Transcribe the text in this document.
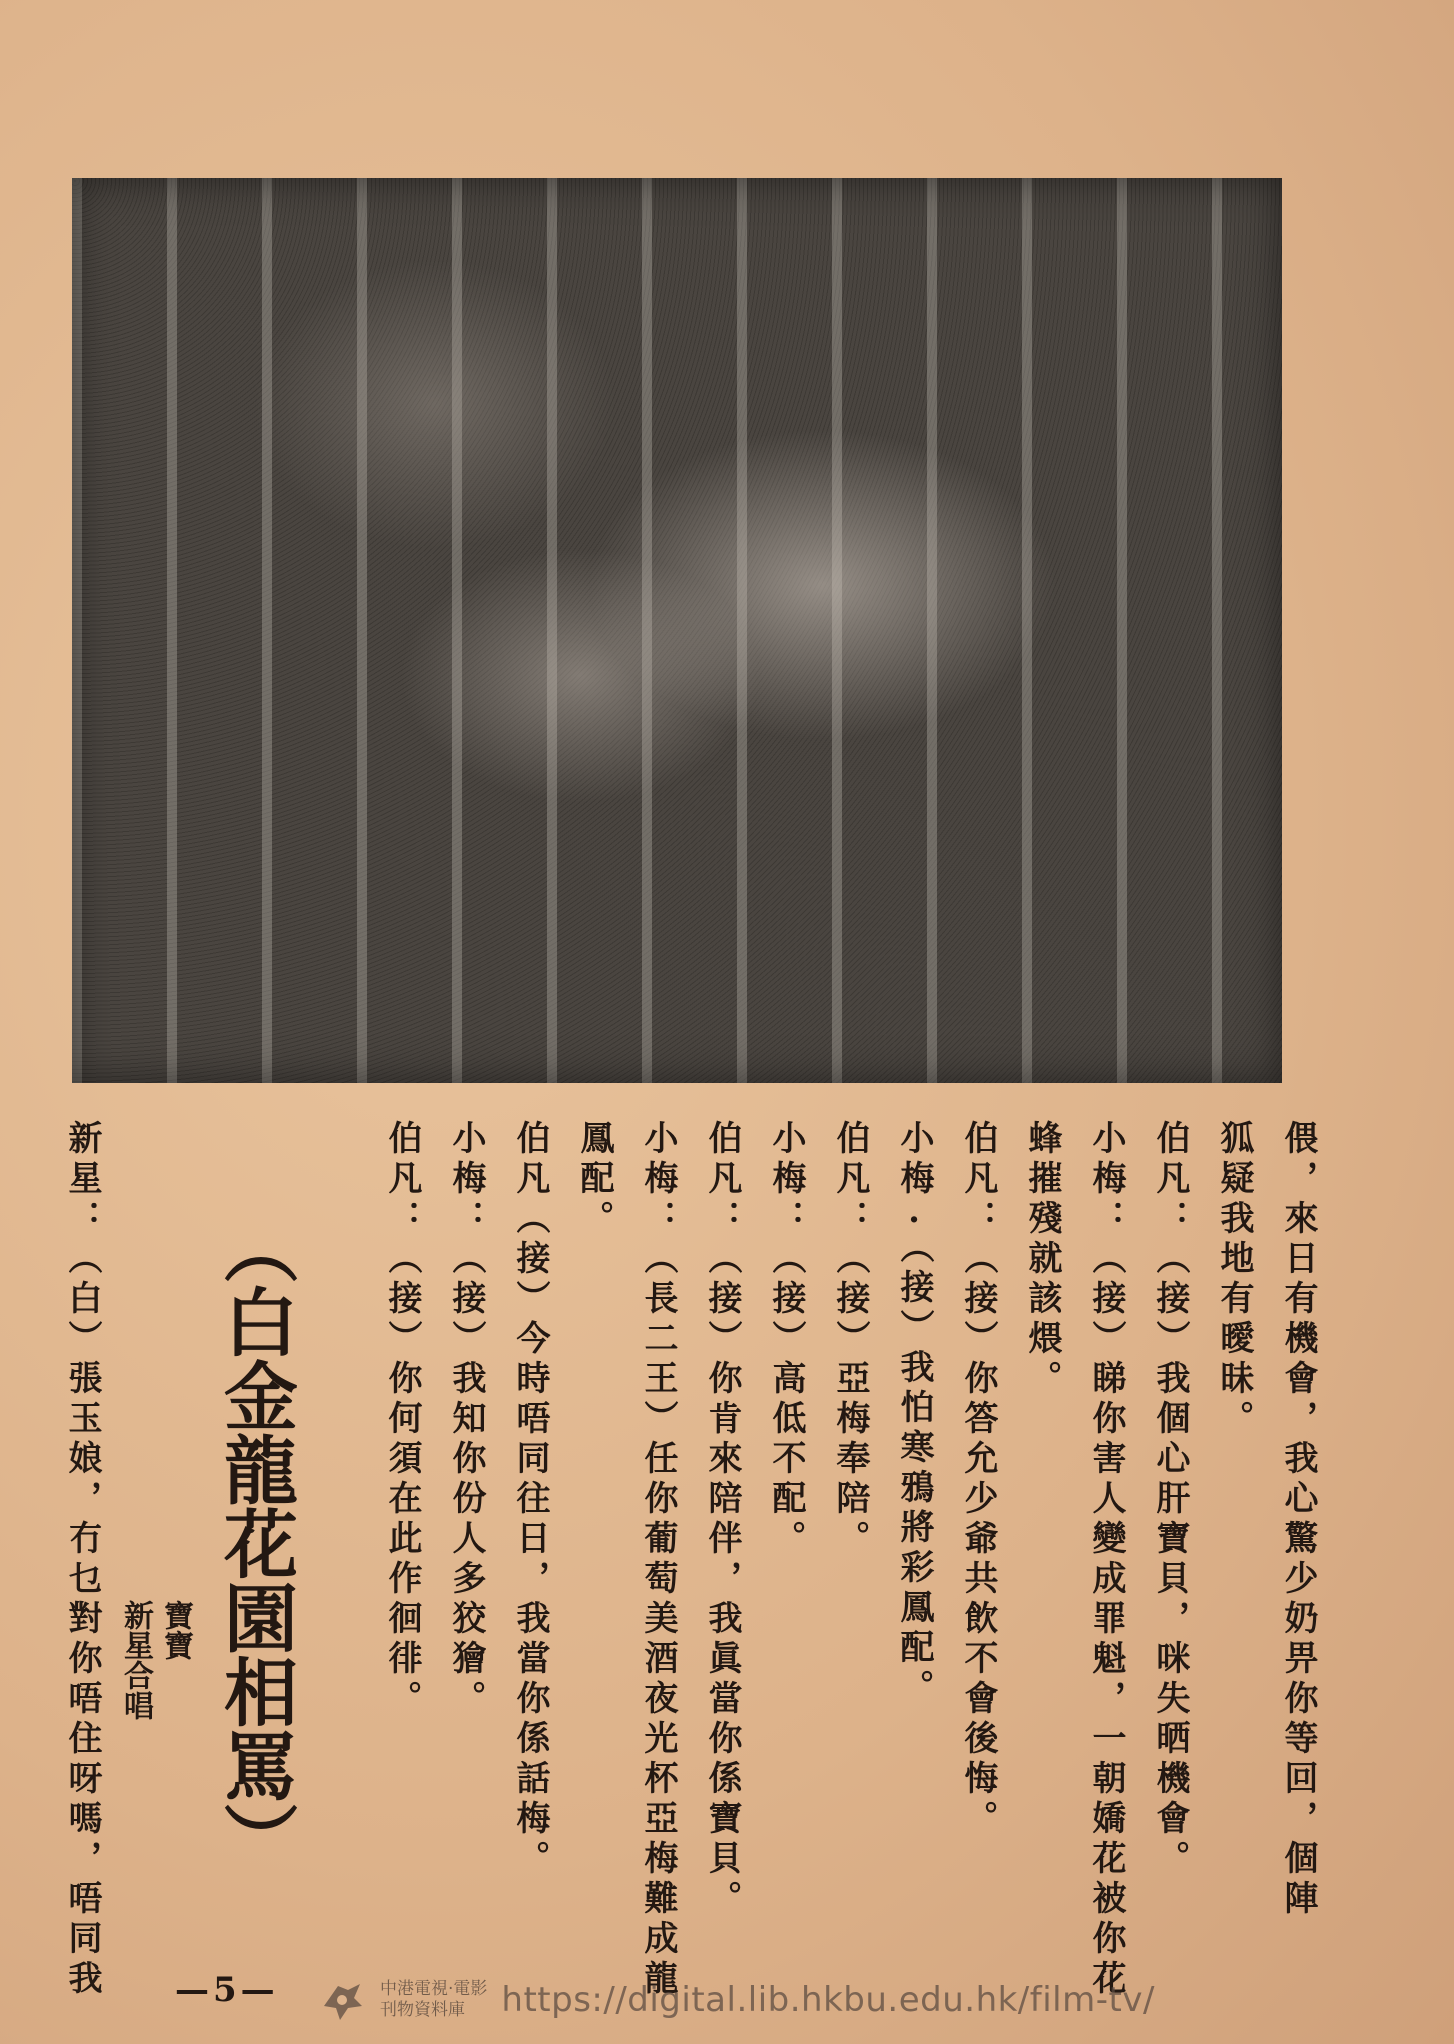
偎，來日有機會，我心驚少奶畀你等回，個陣
狐疑我地有曖昧。
伯凡：（接）我個心肝寶貝，咪失晒機會。
小梅：（接）睇你害人變成罪魁，一朝嬌花被你花
蜂摧殘就該煨。
伯凡：（接）你答允少爺共飲不會後悔。
小梅·（接）我怕寒鴉將彩鳳配。
伯凡：（接）亞梅奉陪。
小梅：（接）高低不配。
伯凡：（接）你肯來陪伴，我眞當你係寶貝。
小梅：（長二王）任你葡萄美酒夜光杯亞梅難成龍
鳳配。
伯凡（接）今時唔同往日，我當你係話梅。
小梅：（接）我知你份人多狡獪。
伯凡：（接）你何須在此作徊徘。
（白金龍花園相罵）
寶寶
新星合唱
新星：（白）張玉娘，冇乜對你唔住呀嗎，唔同我	—5—	中港電視·電影
刊物資料庫	https://digital.lib.hkbu.edu.hk/film-tv/
